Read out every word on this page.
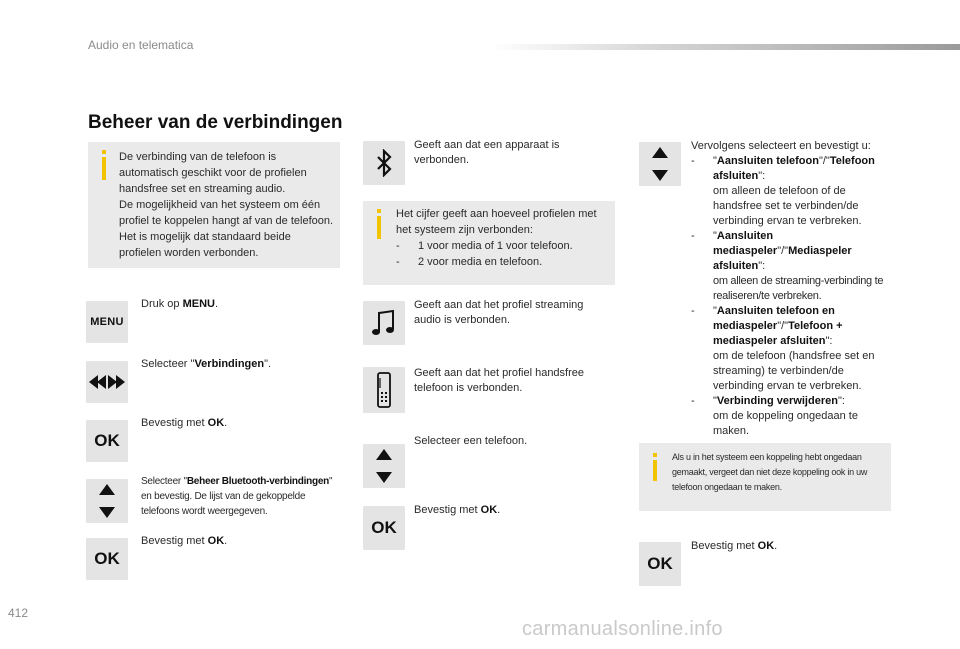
Audio en telematica
Beheer van de verbindingen
De verbinding van de telefoon is automatisch geschikt voor de profielen handsfree set en streaming audio.
De mogelijkheid van het systeem om één profiel te koppelen hangt af van de telefoon. Het is mogelijk dat standaard beide profielen worden verbonden.
MENU
Druk op MENU.
Selecteer "Verbindingen".
OK
Bevestig met OK.
Selecteer "Beheer Bluetooth-verbindingen" en bevestig. De lijst van de gekoppelde telefoons wordt weergegeven.
OK
Bevestig met OK.
Geeft aan dat een apparaat is verbonden.
Het cijfer geeft aan hoeveel profielen met het systeem zijn verbonden:
-	1 voor media of 1 voor telefoon.
-	2 voor media en telefoon.
Geeft aan dat het profiel streaming audio is verbonden.
Geeft aan dat het profiel handsfree telefoon is verbonden.
Selecteer een telefoon.
OK
Bevestig met OK.
Vervolgens selecteert en bevestigt u:
-	"Aansluiten telefoon"/"Telefoon afsluiten":
om alleen de telefoon of de handsfree set te verbinden/de verbinding ervan te verbreken.
-	"Aansluiten mediaspeler"/"Mediaspeler afsluiten":
om alleen de streaming-verbinding te realiseren/te verbreken.
-	"Aansluiten telefoon en mediaspeler"/"Telefoon + mediaspeler afsluiten":
om de telefoon (handsfree set en streaming) te verbinden/de verbinding ervan te verbreken.
-	"Verbinding verwijderen":
om de koppeling ongedaan te maken.
Als u in het systeem een koppeling hebt ongedaan gemaakt, vergeet dan niet deze koppeling ook in uw telefoon ongedaan te maken.
OK
Bevestig met OK.
412
carmanualsonline.info
